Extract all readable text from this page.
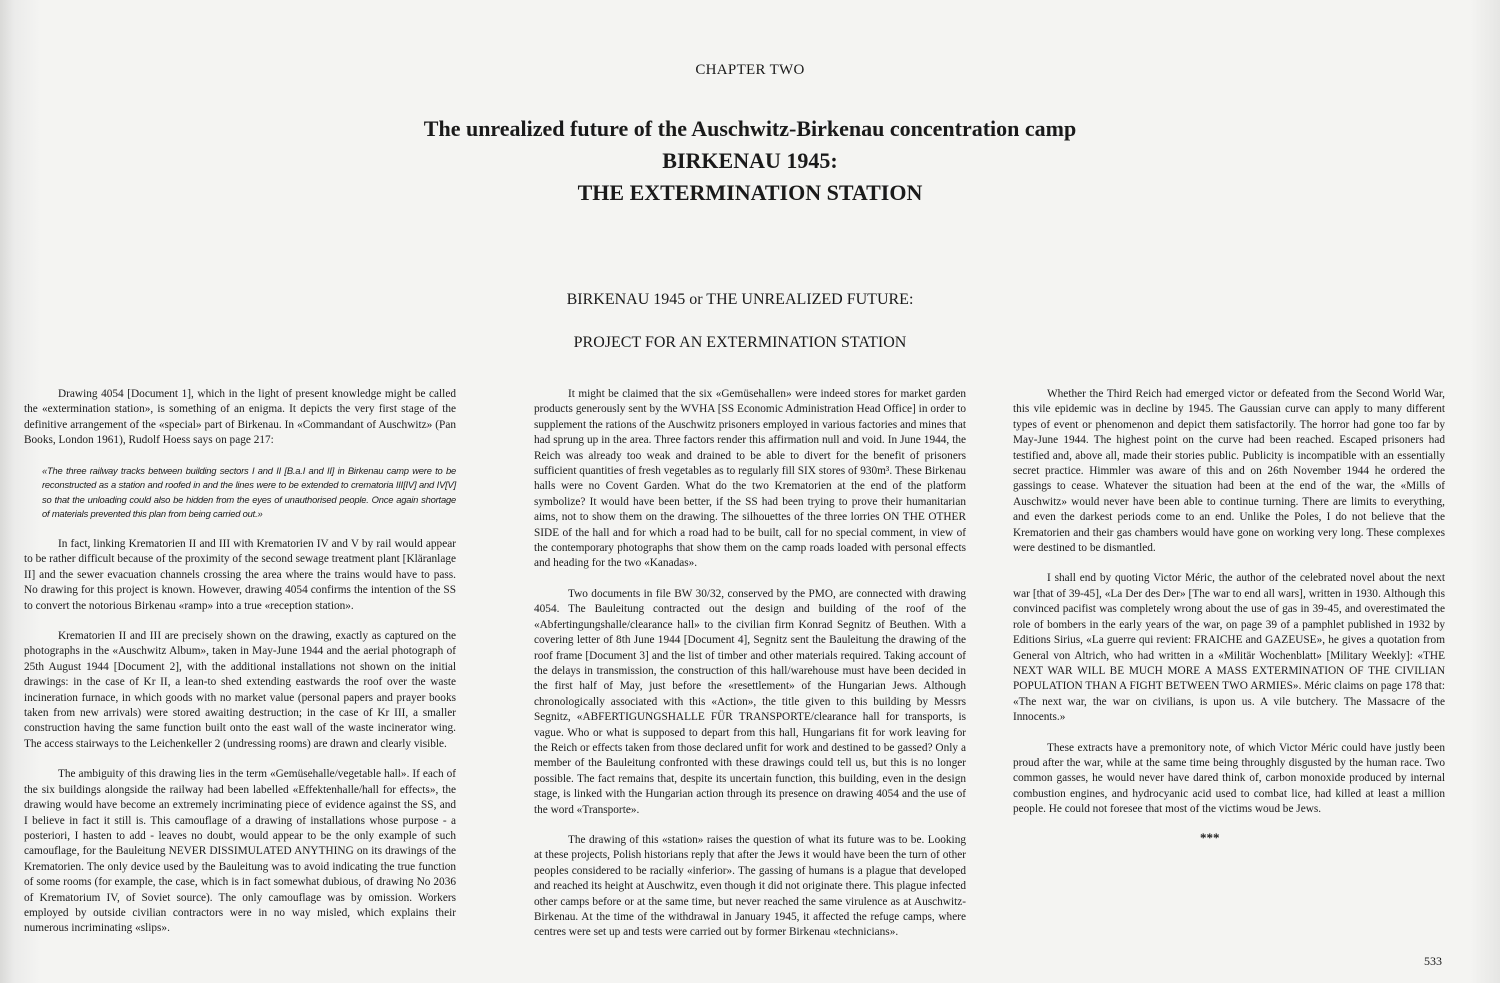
CHAPTER TWO
The unrealized future of the Auschwitz-Birkenau concentration camp
BIRKENAU 1945:
THE EXTERMINATION STATION
BIRKENAU 1945 or THE UNREALIZED FUTURE:
PROJECT FOR AN EXTERMINATION STATION

Drawing 4054 [Document 1], which in the light of present knowledge might be called the «extermination station», is something of an enigma. It depicts the very first stage of the definitive arrangement of the «special» part of Birkenau. In «Commandant of Auschwitz» (Pan Books, London 1961), Rudolf Hoess says on page 217:

«The three railway tracks between building sectors I and II [B.a.I and II] in Birkenau camp were to be reconstructed as a station and roofed in and the lines were to be extended to crematoria III[IV] and IV[V] so that the unloading could also be hidden from the eyes of unauthorised people. Once again shortage of materials prevented this plan from being carried out.»

In fact, linking Krematorien II and III with Krematorien IV and V by rail would appear to be rather difficult because of the proximity of the second sewage treatment plant [Kläranlage II] and the sewer evacuation channels crossing the area where the trains would have to pass. No drawing for this project is known. However, drawing 4054 confirms the intention of the SS to convert the notorious Birkenau «ramp» into a true «reception station».

Krematorien II and III are precisely shown on the drawing, exactly as captured on the photographs in the «Auschwitz Album», taken in May-June 1944 and the aerial photograph of 25th August 1944 [Document 2], with the additional installations not shown on the initial drawings: in the case of Kr II, a lean-to shed extending eastwards the roof over the waste incineration furnace, in which goods with no market value (personal papers and prayer books taken from new arrivals) were stored awaiting destruction; in the case of Kr III, a smaller construction having the same function built onto the east wall of the waste incinerator wing. The access stairways to the Leichenkeller 2 (undressing rooms) are drawn and clearly visible.

The ambiguity of this drawing lies in the term «Gemüsehalle/vegetable hall». If each of the six buildings alongside the railway had been labelled «Effektenhalle/hall for effects», the drawing would have become an extremely incriminating piece of evidence against the SS, and I believe in fact it still is. This camouflage of a drawing of installations whose purpose - a posteriori, I hasten to add - leaves no doubt, would appear to be the only example of such camouflage, for the Bauleitung NEVER DISSIMULATED ANYTHING on its drawings of the Krematorien. The only device used by the Bauleitung was to avoid indicating the true function of some rooms (for example, the case, which is in fact somewhat dubious, of drawing No 2036 of Krematorium IV, of Soviet source). The only camouflage was by omission. Workers employed by outside civilian contractors were in no way misled, which explains their numerous incriminating «slips».

It might be claimed that the six «Gemüsehallen» were indeed stores for market garden products generously sent by the WVHA [SS Economic Administration Head Office] in order to supplement the rations of the Auschwitz prisoners employed in various factories and mines that had sprung up in the area. Three factors render this affirmation null and void. In June 1944, the Reich was already too weak and drained to be able to divert for the benefit of prisoners sufficient quantities of fresh vegetables as to regularly fill SIX stores of 930m³. These Birkenau halls were no Covent Garden. What do the two Krematorien at the end of the platform symbolize? It would have been better, if the SS had been trying to prove their humanitarian aims, not to show them on the drawing. The silhouettes of the three lorries ON THE OTHER SIDE of the hall and for which a road had to be built, call for no special comment, in view of the contemporary photographs that show them on the camp roads loaded with personal effects and heading for the two «Kanadas».

Two documents in file BW 30/32, conserved by the PMO, are connected with drawing 4054. The Bauleitung contracted out the design and building of the roof of the «Abfertingungshalle/clearance hall» to the civilian firm Konrad Segnitz of Beuthen. With a covering letter of 8th June 1944 [Document 4], Segnitz sent the Bauleitung the drawing of the roof frame [Document 3] and the list of timber and other materials required. Taking account of the delays in transmission, the construction of this hall/warehouse must have been decided in the first half of May, just before the «resettlement» of the Hungarian Jews. Although chronologically associated with this «Action», the title given to this building by Messrs Segnitz, «ABFERTIGUNGSHALLE FÜR TRANSPORTE/clearance hall for transports, is vague. Who or what is supposed to depart from this hall, Hungarians fit for work leaving for the Reich or effects taken from those declared unfit for work and destined to be gassed? Only a member of the Bauleitung confronted with these drawings could tell us, but this is no longer possible. The fact remains that, despite its uncertain function, this building, even in the design stage, is linked with the Hungarian action through its presence on drawing 4054 and the use of the word «Transporte».

The drawing of this «station» raises the question of what its future was to be. Looking at these projects, Polish historians reply that after the Jews it would have been the turn of other peoples considered to be racially «inferior». The gassing of humans is a plague that developed and reached its height at Auschwitz, even though it did not originate there. This plague infected other camps before or at the same time, but never reached the same virulence as at Auschwitz-Birkenau. At the time of the withdrawal in January 1945, it affected the refuge camps, where centres were set up and tests were carried out by former Birkenau «technicians».

Whether the Third Reich had emerged victor or defeated from the Second World War, this vile epidemic was in decline by 1945. The Gaussian curve can apply to many different types of event or phenomenon and depict them satisfactorily. The horror had gone too far by May-June 1944. The highest point on the curve had been reached. Escaped prisoners had testified and, above all, made their stories public. Publicity is incompatible with an essentially secret practice. Himmler was aware of this and on 26th November 1944 he ordered the gassings to cease. Whatever the situation had been at the end of the war, the «Mills of Auschwitz» would never have been able to continue turning. There are limits to everything, and even the darkest periods come to an end. Unlike the Poles, I do not believe that the Krematorien and their gas chambers would have gone on working very long. These complexes were destined to be dismantled.

I shall end by quoting Victor Méric, the author of the celebrated novel about the next war [that of 39-45], «La Der des Der» [The war to end all wars], written in 1930. Although this convinced pacifist was completely wrong about the use of gas in 39-45, and overestimated the role of bombers in the early years of the war, on page 39 of a pamphlet published in 1932 by Editions Sirius, «La guerre qui revient: FRAICHE and GAZEUSE», he gives a quotation from General von Altrich, who had written in a «Militär Wochenblatt» [Military Weekly]: «THE NEXT WAR WILL BE MUCH MORE A MASS EXTERMINATION OF THE CIVILIAN POPULATION THAN A FIGHT BETWEEN TWO ARMIES». Méric claims on page 178 that: «The next war, the war on civilians, is upon us. A vile butchery. The Massacre of the Innocents.»

These extracts have a premonitory note, of which Victor Méric could have justly been proud after the war, while at the same time being throughly disgusted by the human race. Two common gasses, he would never have dared think of, carbon monoxide produced by internal combustion engines, and hydrocyanic acid used to combat lice, had killed at least a million people. He could not foresee that most of the victims woud be Jews.

***
533
